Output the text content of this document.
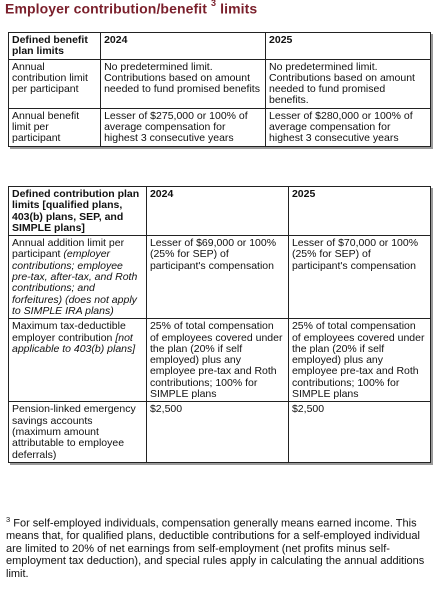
Employer contribution/benefit $^3$ limits
Defined benefit plan limits	2024	2025
Annual contribution limit per participant	No predetermined limit. Contributions based on amount needed to fund promised benefits	No predetermined limit. Contributions based on amount needed to fund promised benefits.
Annual benefit limit per participant	Lesser of $275,000 or 100% of average compensation for highest 3 consecutive years	Lesser of $280,000 or 100% of average compensation for highest 3 consecutive years
Defined contribution plan limits [qualified plans, 403(b) plans, SEP, and SIMPLE plans]	2024	2025
Annual addition limit per participant (employer contributions; employee pre-tax, after-tax, and Roth contributions; and forfeitures) (does not apply to SIMPLE IRA plans)	Lesser of $69,000 or 100% (25% for SEP) of participant's compensation	Lesser of $70,000 or 100% (25% for SEP) of participant's compensation
Maximum tax-deductible employer contribution [not applicable to 403(b) plans]	25% of total compensation of employees covered under the plan (20% if self employed) plus any employee pre-tax and Roth contributions; 100% for SIMPLE plans	25% of total compensation of employees covered under the plan (20% if self employed) plus any employee pre-tax and Roth contributions; 100% for SIMPLE plans
Pension-linked emergency savings accounts (maximum amount attributable to employee deferrals)	$2,500	$2,500
$^3$ For self-employed individuals, compensation generally means earned income. This means that, for qualified plans, deductible contributions for a self-employed individual are limited to 20% of net earnings from self-employment (net profits minus self-employment tax deduction), and special rules apply in calculating the annual additions limit.
